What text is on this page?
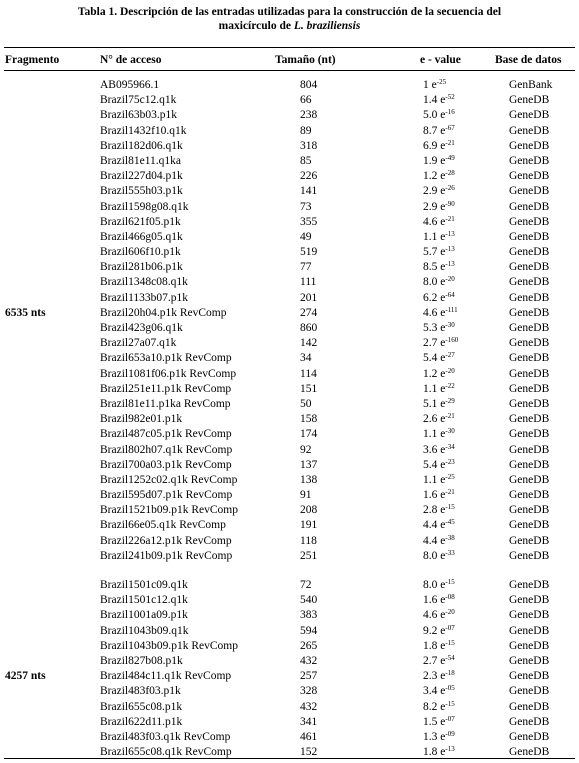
Tabla 1. Descripción de las entradas utilizadas para la construcción de la secuencia del
maxicírculo de L. braziliensis
Fragmento	N° de acceso	Tamaño (nt)	e - value	Base de datos
6535 nts
AB095966.1	804	1 $e^{-25}$	GenBank
Brazil75c12.q1k	66	1.4 $e^{-52}$	GeneDB
Brazil63b03.p1k	238	5.0 $e^{-16}$	GeneDB
Brazil1432f10.q1k	89	8.7 $e^{-67}$	GeneDB
Brazil182d06.q1k	318	6.9 $e^{-21}$	GeneDB
Brazil81e11.q1ka	85	1.9 $e^{-49}$	GeneDB
Brazil227d04.p1k	226	1.2 $e^{-28}$	GeneDB
Brazil555h03.p1k	141	2.9 $e^{-26}$	GeneDB
Brazil1598g08.q1k	73	2.9 $e^{-90}$	GeneDB
Brazil621f05.p1k	355	4.6 $e^{-21}$	GeneDB
Brazil466g05.q1k	49	1.1 $e^{-13}$	GeneDB
Brazil606f10.p1k	519	5.7 $e^{-13}$	GeneDB
Brazil281b06.p1k	77	8.5 $e^{-13}$	GeneDB
Brazil1348c08.q1k	111	8.0 $e^{-20}$	GeneDB
Brazil1133b07.p1k	201	6.2 $e^{-64}$	GeneDB
Brazil20h04.p1k RevComp	274	4.6 $e^{-111}$	GeneDB
Brazil423g06.q1k	860	5.3 $e^{-30}$	GeneDB
Brazil27a07.q1k	142	2.7 $e^{-160}$	GeneDB
Brazil653a10.p1k RevComp	34	5.4 $e^{-27}$	GeneDB
Brazil1081f06.p1k RevComp	114	1.2 $e^{-20}$	GeneDB
Brazil251e11.p1k RevComp	151	1.1 $e^{-22}$	GeneDB
Brazil81e11.p1ka RevComp	50	5.1 $e^{-29}$	GeneDB
Brazil982e01.p1k	158	2.6 $e^{-21}$	GeneDB
Brazil487c05.p1k RevComp	174	1.1 $e^{-30}$	GeneDB
Brazil802h07.q1k RevComp	92	3.6 $e^{-34}$	GeneDB
Brazil700a03.p1k RevComp	137	5.4 $e^{-23}$	GeneDB
Brazil1252c02.q1k RevComp	138	1.1 $e^{-25}$	GeneDB
Brazil595d07.p1k RevComp	91	1.6 $e^{-21}$	GeneDB
Brazil1521b09.p1k RevComp	208	2.8 $e^{-15}$	GeneDB
Brazil66e05.q1k RevComp	191	4.4 $e^{-45}$	GeneDB
Brazil226a12.p1k RevComp	118	4.4 $e^{-38}$	GeneDB
Brazil241b09.p1k RevComp	251	8.0 $e^{-33}$	GeneDB
4257 nts
Brazil1501c09.q1k	72	8.0 $e^{-15}$	GeneDB
Brazil1501c12.q1k	540	1.6 $e^{-08}$	GeneDB
Brazil1001a09.p1k	383	4.6 $e^{-20}$	GeneDB
Brazil1043b09.q1k	594	9.2 $e^{-07}$	GeneDB
Brazil1043b09.p1k RevComp	265	1.8 $e^{-15}$	GeneDB
Brazil827b08.p1k	432	2.7 $e^{-54}$	GeneDB
Brazil484c11.q1k RevComp	257	2.3 $e^{-18}$	GeneDB
Brazil483f03.p1k	328	3.4 $e^{-05}$	GeneDB
Brazil655c08.p1k	432	8.2 $e^{-15}$	GeneDB
Brazil622d11.p1k	341	1.5 $e^{-07}$	GeneDB
Brazil483f03.q1k RevComp	461	1.3 $e^{-09}$	GeneDB
Brazil655c08.q1k RevComp	152	1.8 $e^{-13}$	GeneDB
